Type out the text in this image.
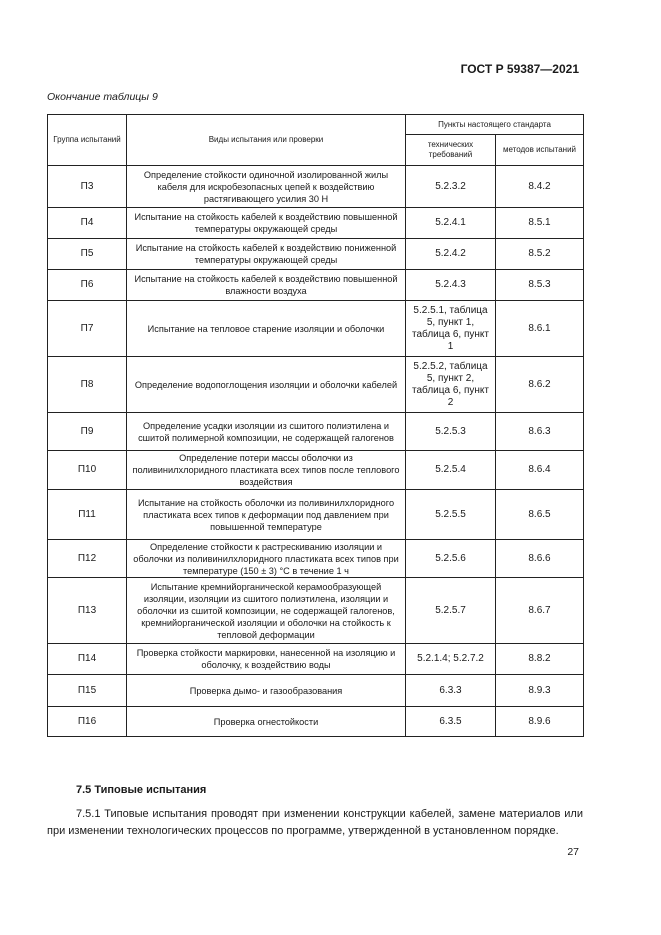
ГОСТ Р 59387—2021
Окончание таблицы 9
Группа испытаний	Виды испытания или проверки	Пункты настоящего стандарта	
		технических требований	методов испытаний
П3	Определение стойкости одиночной изолированной жилы кабеля для искробезопасных цепей к воздействию растягивающего усилия 30 Н	5.2.3.2	8.4.2
П4	Испытание на стойкость кабелей к воздействию повышенной температуры окружающей среды	5.2.4.1	8.5.1
П5	Испытание на стойкость кабелей к воздействию пониженной температуры окружающей среды	5.2.4.2	8.5.2
П6	Испытание на стойкость кабелей к воздействию повышенной влажности воздуха	5.2.4.3	8.5.3
П7	Испытание на тепловое старение изоляции и оболочки	5.2.5.1, таблица 5, пункт 1, таблица 6, пункт 1	8.6.1
П8	Определение водопоглощения изоляции и оболочки кабелей	5.2.5.2, таблица 5, пункт 2, таблица 6, пункт 2	8.6.2
П9	Определение усадки изоляции из сшитого полиэтилена и сшитой полимерной композиции, не содержащей галогенов	5.2.5.3	8.6.3
П10	Определение потери массы оболочки из поливинилхлоридного пластиката всех типов после теплового воздействия	5.2.5.4	8.6.4
П11	Испытание на стойкость оболочки из поливинилхлоридного пластиката всех типов к деформации под давлением при повышенной температуре	5.2.5.5	8.6.5
П12	Определение стойкости к растрескиванию изоляции и оболочки из поливинилхлоридного пластиката всех типов при температуре (150 ± 3) °С в течение 1 ч	5.2.5.6	8.6.6
П13	Испытание кремнийорганической керамообразующей изоляции, изоляции из сшитого полиэтилена, изоляции и оболочки из сшитой композиции, не содержащей галогенов, кремнийорганической изоляции и оболочки на стойкость к тепловой деформации	5.2.5.7	8.6.7
П14	Проверка стойкости маркировки, нанесенной на изоляцию и оболочку, к воздействию воды	5.2.1.4; 5.2.7.2	8.8.2
П15	Проверка дымо- и газообразования	6.3.3	8.9.3
П16	Проверка огнестойкости	6.3.5	8.9.6
7.5 Типовые испытания
7.5.1 Типовые испытания проводят при изменении конструкции кабелей, замене материалов или при изменении технологических процессов по программе, утвержденной в установленном порядке.
27
